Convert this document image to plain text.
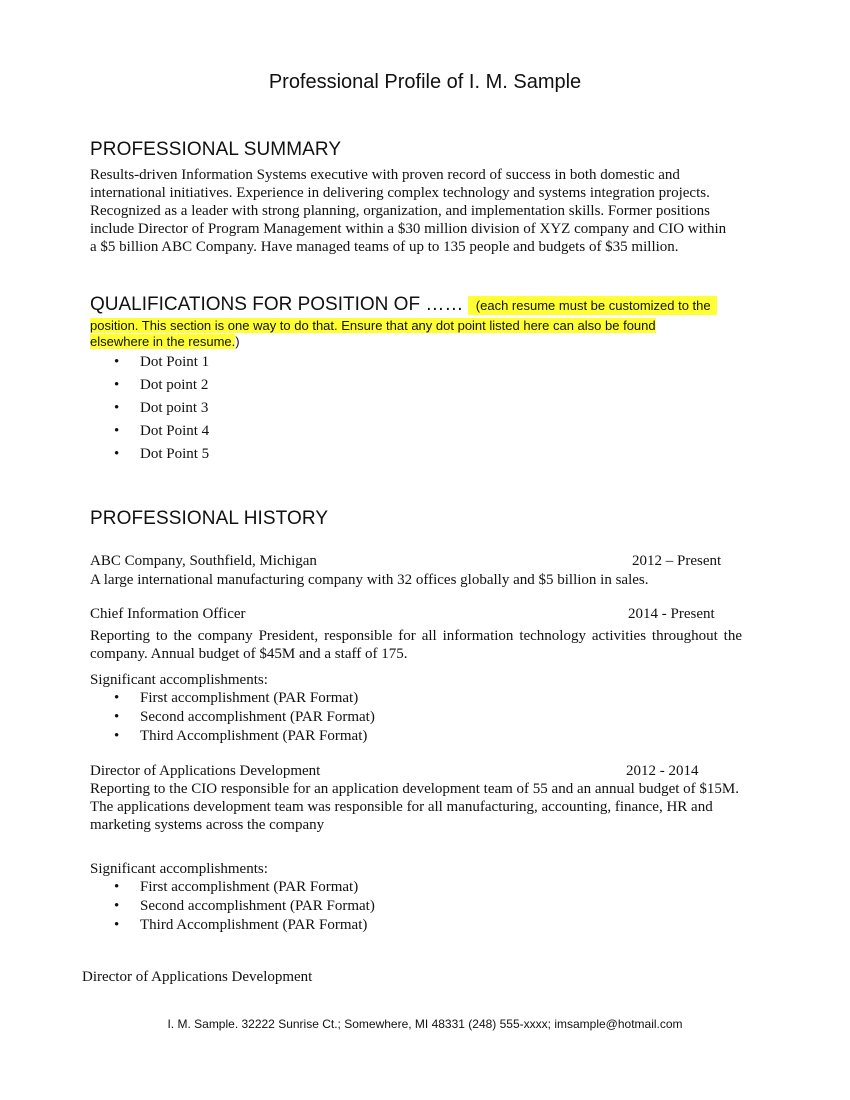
Professional Profile of I. M. Sample
PROFESSIONAL SUMMARY
Results-driven Information Systems executive with proven record of success in both domestic and
international initiatives. Experience in delivering complex technology and systems integration projects.
Recognized as a leader with strong planning, organization, and implementation skills. Former positions
include Director of Program Management within a $30 million division of XYZ company and CIO within
a $5 billion ABC Company. Have managed teams of up to 135 people and budgets of $35 million.
QUALIFICATIONS FOR POSITION OF …… (each resume must be customized to the
position. This section is one way to do that. Ensure that any dot point listed here can also be found
elsewhere in the resume.)
• Dot Point 1
• Dot point 2
• Dot point 3
• Dot Point 4
• Dot Point 5
PROFESSIONAL HISTORY
ABC Company, Southfield, Michigan	2012 – Present
A large international manufacturing company with 32 offices globally and $5 billion in sales.
Chief Information Officer	2014 - Present
Reporting to the company President, responsible for all information technology activities throughout the
company. Annual budget of $45M and a staff of 175.
Significant accomplishments:
• First accomplishment (PAR Format)
• Second accomplishment (PAR Format)
• Third Accomplishment (PAR Format)
Director of Applications Development	2012 - 2014
Reporting to the CIO responsible for an application development team of 55 and an annual budget of $15M.
The applications development team was responsible for all manufacturing, accounting, finance, HR and
marketing systems across the company
Significant accomplishments:
• First accomplishment (PAR Format)
• Second accomplishment (PAR Format)
• Third Accomplishment (PAR Format)
Director of Applications Development
I. M. Sample. 32222 Sunrise Ct.; Somewhere, MI 48331 (248) 555-xxxx; imsample@hotmail.com
